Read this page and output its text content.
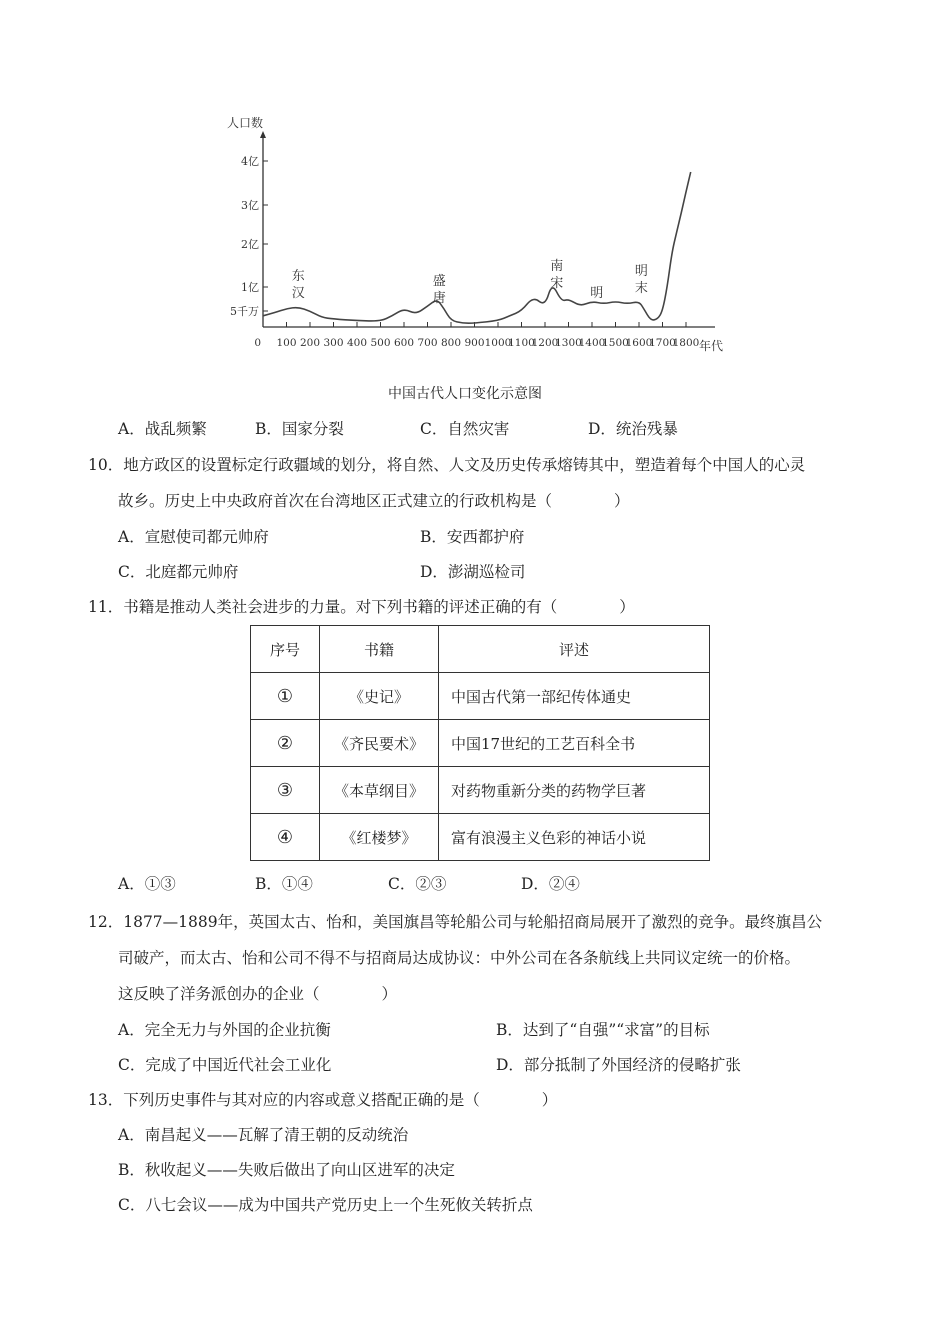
5千万
1亿
2亿
3亿
4亿
0 100 200 300 400 500 600 700 800 900 1000
1100
1200
1300
1400
1500
1600
1700
1800
东
汉
盛
唐
南
宋
明
明
末
人口数
年代
中国古代人口变化示意图
A．战乱频繁	B．国家分裂	C．自然灾害	D．统治残暴
10．地方政区的设置标定行政疆域的划分，将自然、人文及历史传承熔铸其中，塑造着每个中国人的心灵
故乡。历史上中央政府首次在台湾地区正式建立的行政机构是（　　　　）
A．宣慰使司都元帅府	B．安西都护府
C．北庭都元帅府	D．澎湖巡检司
11．书籍是推动人类社会进步的力量。对下列书籍的评述正确的有（　　　　）
序号	书籍	评述
①	《史记》	中国古代第一部纪传体通史
②	《齐民要术》	中国17世纪的工艺百科全书
③	《本草纲目》	对药物重新分类的药物学巨著
④	《红楼梦》	富有浪漫主义色彩的神话小说
A．①③	B．①④	C．②③	D．②④
12．1877—1889年，英国太古、怡和，美国旗昌等轮船公司与轮船招商局展开了激烈的竞争。最终旗昌公
司破产，而太古、怡和公司不得不与招商局达成协议：中外公司在各条航线上共同议定统一的价格。
这反映了洋务派创办的企业（　　　　）
A．完全无力与外国的企业抗衡	B．达到了“自强”“求富”的目标
C．完成了中国近代社会工业化	D．部分抵制了外国经济的侵略扩张
13．下列历史事件与其对应的内容或意义搭配正确的是（　　　　）
A．南昌起义——瓦解了清王朝的反动统治
B．秋收起义——失败后做出了向山区进军的决定
C．八七会议——成为中国共产党历史上一个生死攸关转折点
